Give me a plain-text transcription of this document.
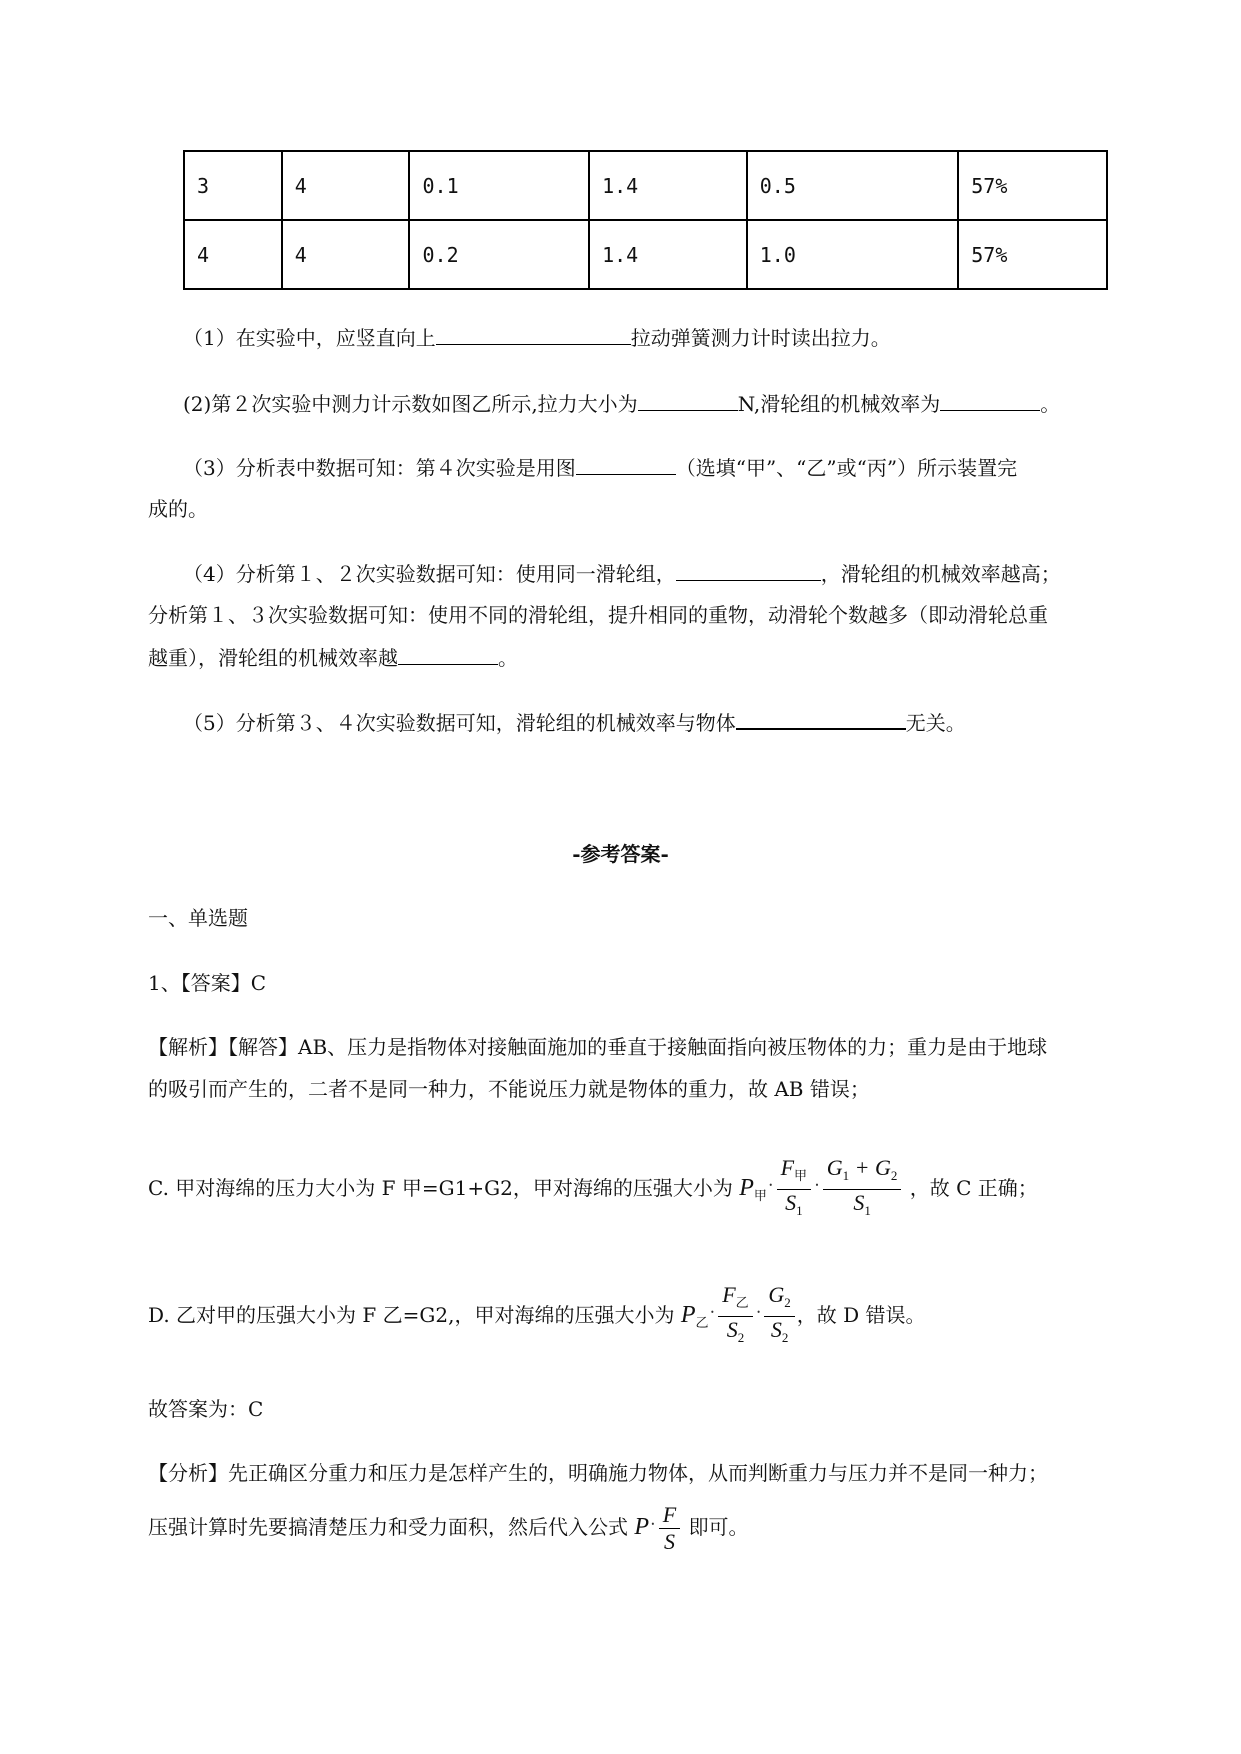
3	4	0.1	1.4	0.5	57%
4	4	0.2	1.4	1.0	57%
（1）在实验中，应竖直向上	拉动弹簧测力计时读出拉力。
(2)第２次实验中测力计示数如图乙所示,拉力大小为	N,滑轮组的机械效率为	。
（3）分析表中数据可知：第４次实验是用图	（选填“甲”、“乙”或“丙”）所示装置完
成的。
（4）分析第１、２次实验数据可知：使用同一滑轮组，	，滑轮组的机械效率越高；
分析第１、３次实验数据可知：使用不同的滑轮组，提升相同的重物，动滑轮个数越多（即动滑轮总重
越重），滑轮组的机械效率越	。
（5）分析第３、４次实验数据可知，滑轮组的机械效率与物体	无关。
-参考答案-
一、单选题
1、【答案】C
【解析】【解答】AB、压力是指物体对接触面施加的垂直于接触面指向被压物体的力；重力是由于地球
的吸引而产生的，二者不是同一种力，不能说压力就是物体的重力，故 AB 错误；
C. 甲对海绵的压力大小为 F 甲=G1+G2，甲对海绵的压强大小为 $P_甲^ꞏ \frac{F_甲}{S_1} ^ꞏ \frac{G_1 + G_2}{S_1}$ ，故 C 正确；
D. 乙对甲的压强大小为 F 乙=G2,，甲对海绵的压强大小为 $P_乙^ꞏ \frac{F_乙}{S_2} ^ꞏ \frac{G_2}{S_2}$ ，故 D 错误。
故答案为：C
【分析】先正确区分重力和压力是怎样产生的，明确施力物体，从而判断重力与压力并不是同一种力；
压强计算时先要搞清楚压力和受力面积，然后代入公式 P $^ꞏ \frac{F}{S}$ 即可。
